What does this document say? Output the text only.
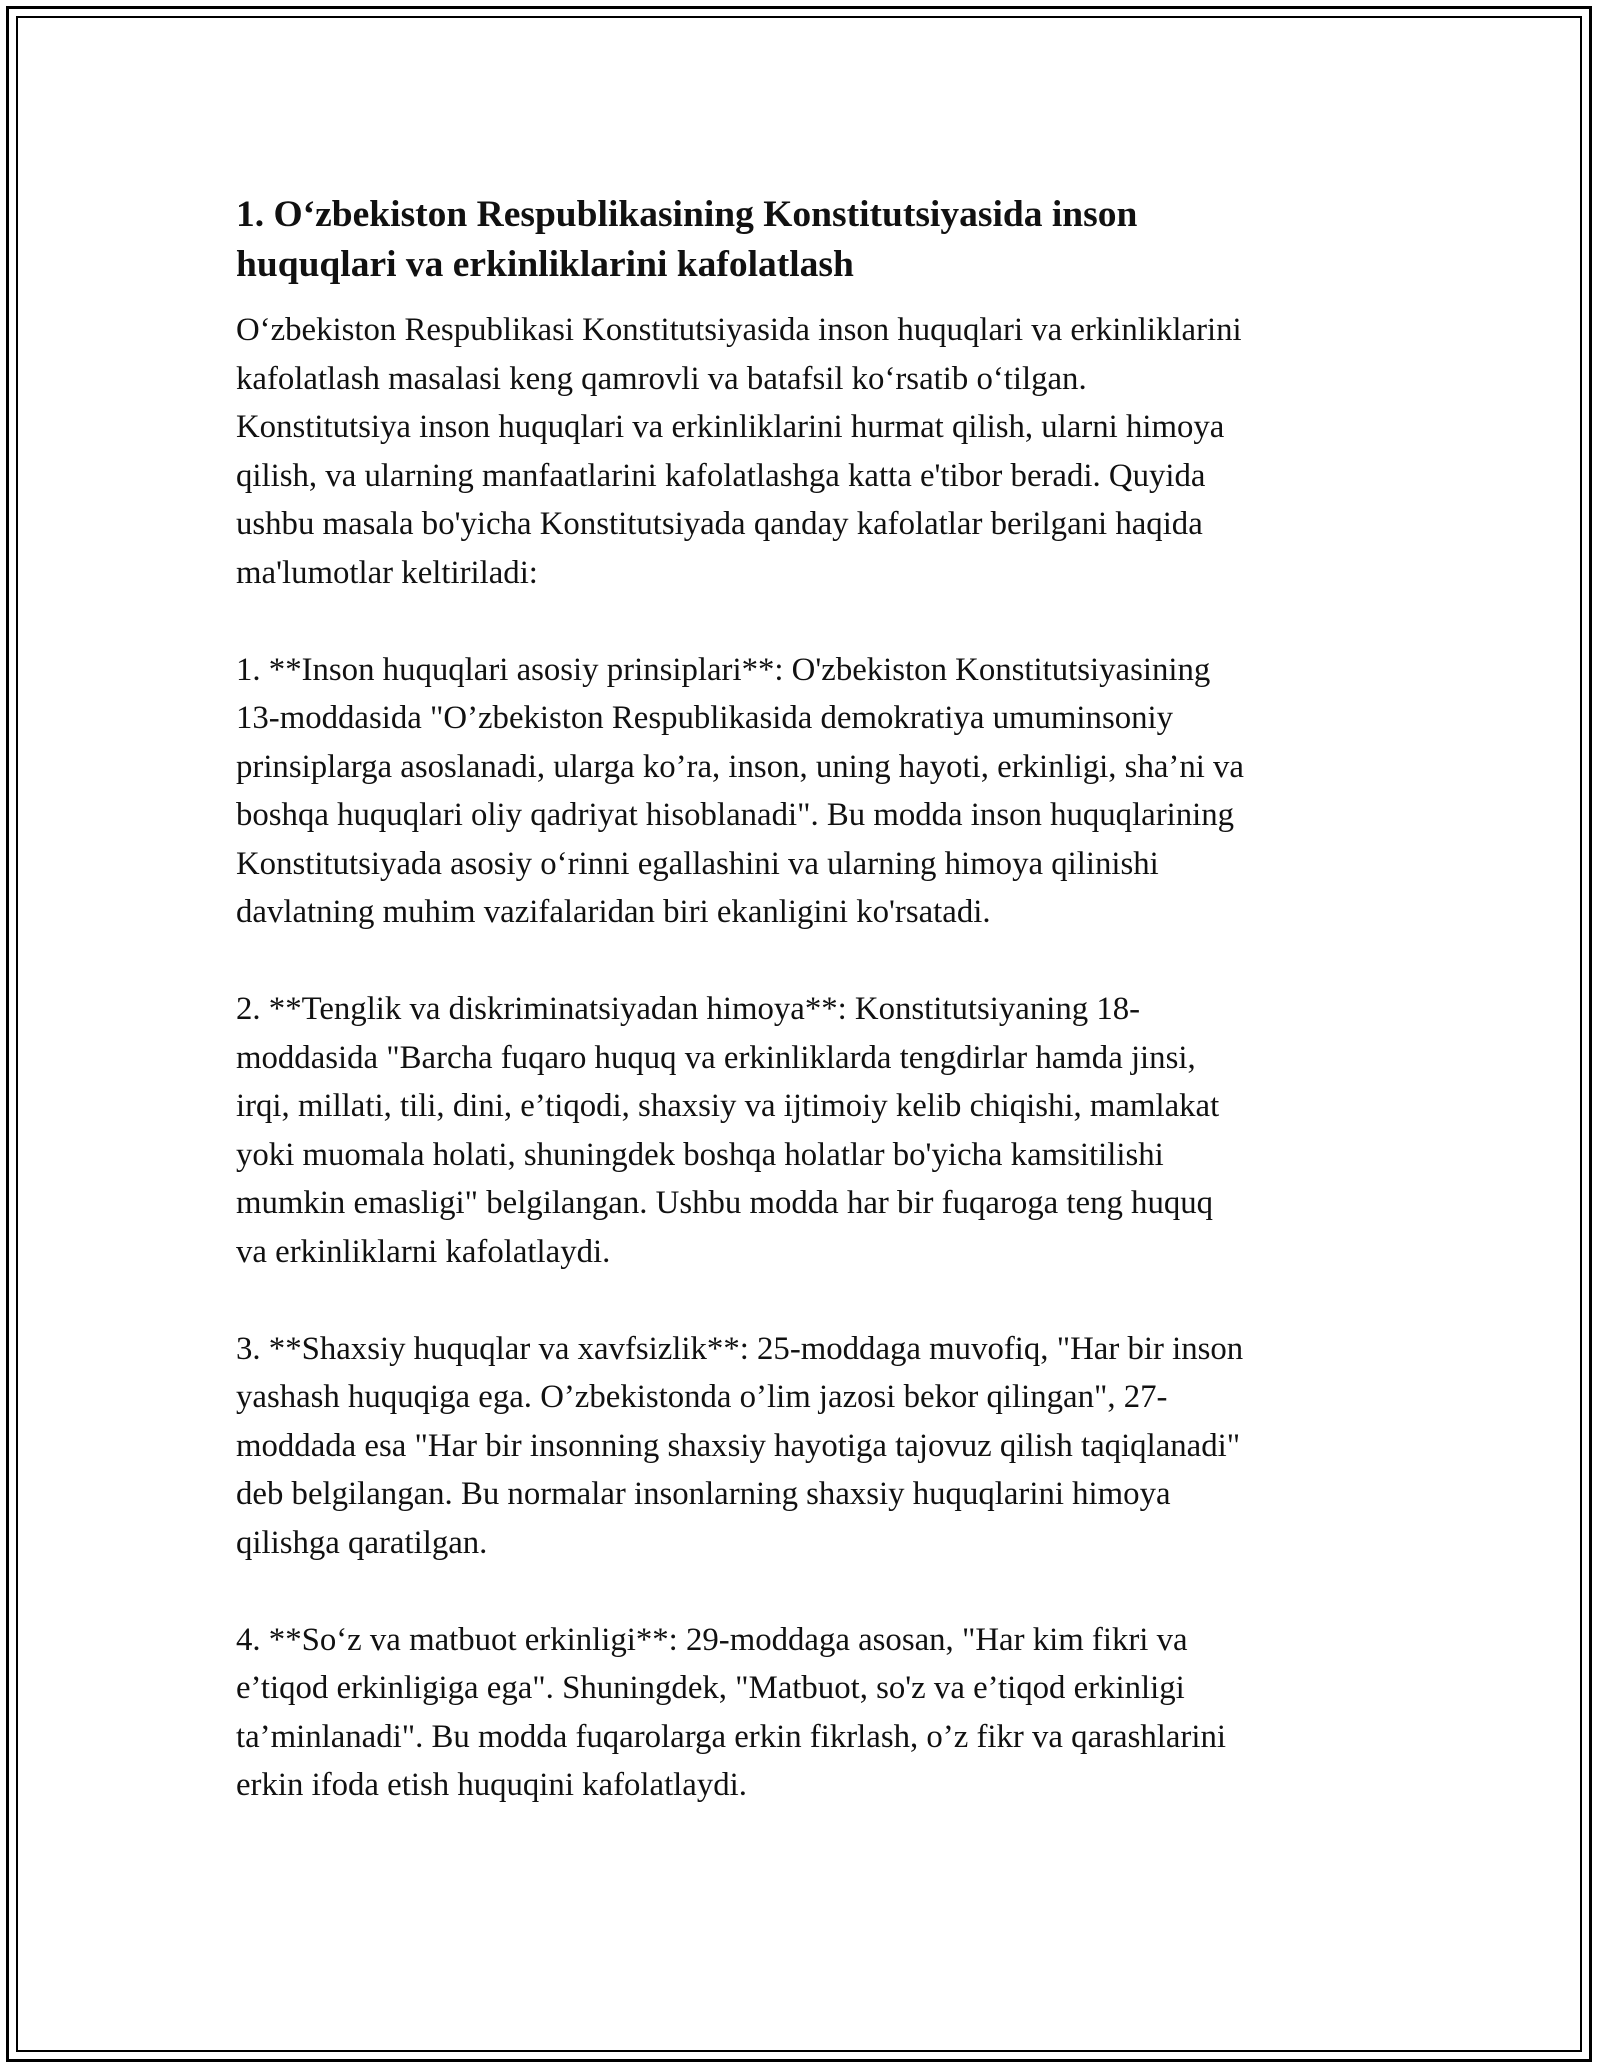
1. O‘zbekiston Respublikasining Konstitutsiyasida inson
huquqlari va erkinliklarini kafolatlash

O‘zbekiston Respublikasi Konstitutsiyasida inson huquqlari va erkinliklarini
kafolatlash masalasi keng qamrovli va batafsil ko‘rsatib o‘tilgan.
Konstitutsiya inson huquqlari va erkinliklarini hurmat qilish, ularni himoya
qilish, va ularning manfaatlarini kafolatlashga katta e'tibor beradi. Quyida
ushbu masala bo'yicha Konstitutsiyada qanday kafolatlar berilgani haqida
ma'lumotlar keltiriladi:

1. **Inson huquqlari asosiy prinsiplari**: O'zbekiston Konstitutsiyasining
13-moddasida "O’zbekiston Respublikasida demokratiya umuminsoniy
prinsiplarga asoslanadi, ularga ko’ra, inson, uning hayoti, erkinligi, sha’ni va
boshqa huquqlari oliy qadriyat hisoblanadi". Bu modda inson huquqlarining
Konstitutsiyada asosiy o‘rinni egallashini va ularning himoya qilinishi
davlatning muhim vazifalaridan biri ekanligini ko'rsatadi.

2. **Tenglik va diskriminatsiyadan himoya**: Konstitutsiyaning 18-
moddasida "Barcha fuqaro huquq va erkinliklarda tengdirlar hamda jinsi,
irqi, millati, tili, dini, e’tiqodi, shaxsiy va ijtimoiy kelib chiqishi, mamlakat
yoki muomala holati, shuningdek boshqa holatlar bo'yicha kamsitilishi
mumkin emasligi" belgilangan. Ushbu modda har bir fuqaroga teng huquq
va erkinliklarni kafolatlaydi.

3. **Shaxsiy huquqlar va xavfsizlik**: 25-moddaga muvofiq, "Har bir inson
yashash huquqiga ega. O’zbekistonda o’lim jazosi bekor qilingan", 27-
moddada esa "Har bir insonning shaxsiy hayotiga tajovuz qilish taqiqlanadi"
deb belgilangan. Bu normalar insonlarning shaxsiy huquqlarini himoya
qilishga qaratilgan.

4. **So‘z va matbuot erkinligi**: 29-moddaga asosan, "Har kim fikri va
e’tiqod erkinligiga ega". Shuningdek, "Matbuot, so'z va e’tiqod erkinligi
ta’minlanadi". Bu modda fuqarolarga erkin fikrlash, o’z fikr va qarashlarini
erkin ifoda etish huquqini kafolatlaydi.
